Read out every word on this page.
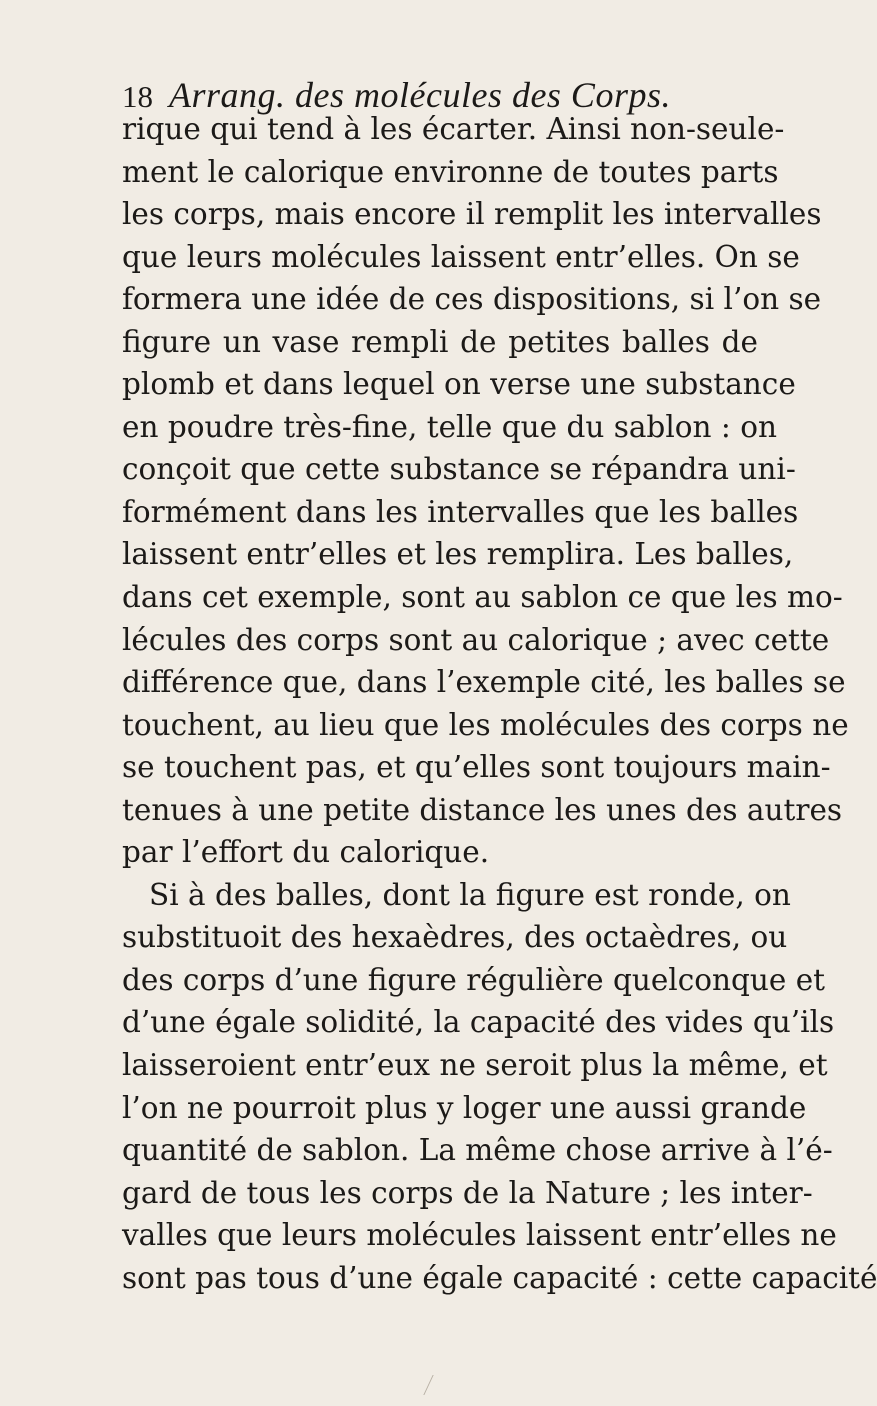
18 Arrang. des molécules des Corps.
rique qui tend à les écarter. Ainsi non-seule-
ment le calorique environne de toutes parts
les corps, mais encore il remplit les intervalles
que leurs molécules laissent entr’elles. On se
formera une idée de ces dispositions, si l’on se
figure un vase rempli de petites balles de
plomb et dans lequel on verse une substance
en poudre très-fine, telle que du sablon : on
conçoit que cette substance se répandra uni-
formément dans les intervalles que les balles
laissent entr’elles et les remplira. Les balles,
dans cet exemple, sont au sablon ce que les mo-
lécules des corps sont au calorique ; avec cette
différence que, dans l’exemple cité, les balles se
touchent, au lieu que les molécules des corps ne
se touchent pas, et qu’elles sont toujours main-
tenues à une petite distance les unes des autres
par l’effort du calorique.
Si à des balles, dont la figure est ronde, on
substituoit des hexaèdres, des octaèdres, ou
des corps d’une figure régulière quelconque et
d’une égale solidité, la capacité des vides qu’ils
laisseroient entr’eux ne seroit plus la même, et
l’on ne pourroit plus y loger une aussi grande
quantité de sablon. La même chose arrive à l’é-
gard de tous les corps de la Nature ; les inter-
valles que leurs molécules laissent entr’elles ne
sont pas tous d’une égale capacité : cette capacité
